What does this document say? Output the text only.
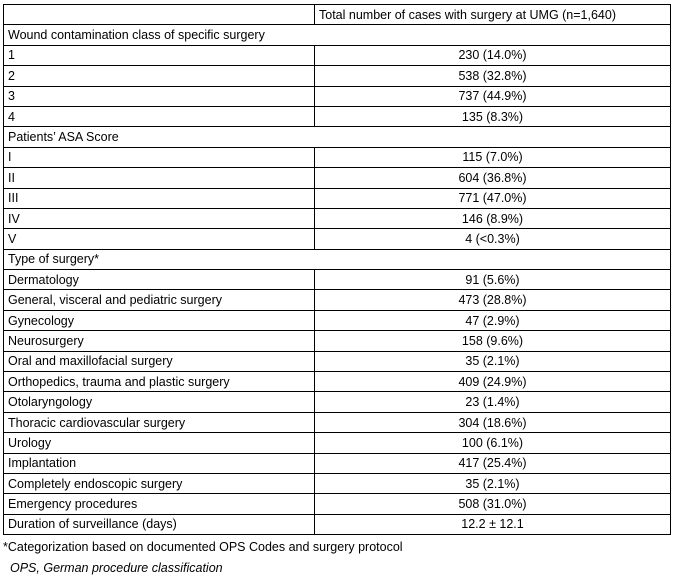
	Total number of cases with surgery at UMG (n=1,640)
Wound contamination class of specific surgery	
1	230 (14.0%)
2	538 (32.8%)
3	737 (44.9%)
4	135 (8.3%)
Patients’ ASA Score	
I	115 (7.0%)
II	604 (36.8%)
III	771 (47.0%)
IV	146 (8.9%)
V	4 (<0.3%)
Type of surgery*	
Dermatology	91 (5.6%)
General, visceral and pediatric surgery	473 (28.8%)
Gynecology	47 (2.9%)
Neurosurgery	158 (9.6%)
Oral and maxillofacial surgery	35 (2.1%)
Orthopedics, trauma and plastic surgery	409 (24.9%)
Otolaryngology	23 (1.4%)
Thoracic cardiovascular surgery	304 (18.6%)
Urology	100 (6.1%)
Implantation	417 (25.4%)
Completely endoscopic surgery	35 (2.1%)
Emergency procedures	508 (31.0%)
Duration of surveillance (days)	12.2 ± 12.1
*Categorization based on documented OPS Codes and surgery protocol
OPS, German procedure classification
